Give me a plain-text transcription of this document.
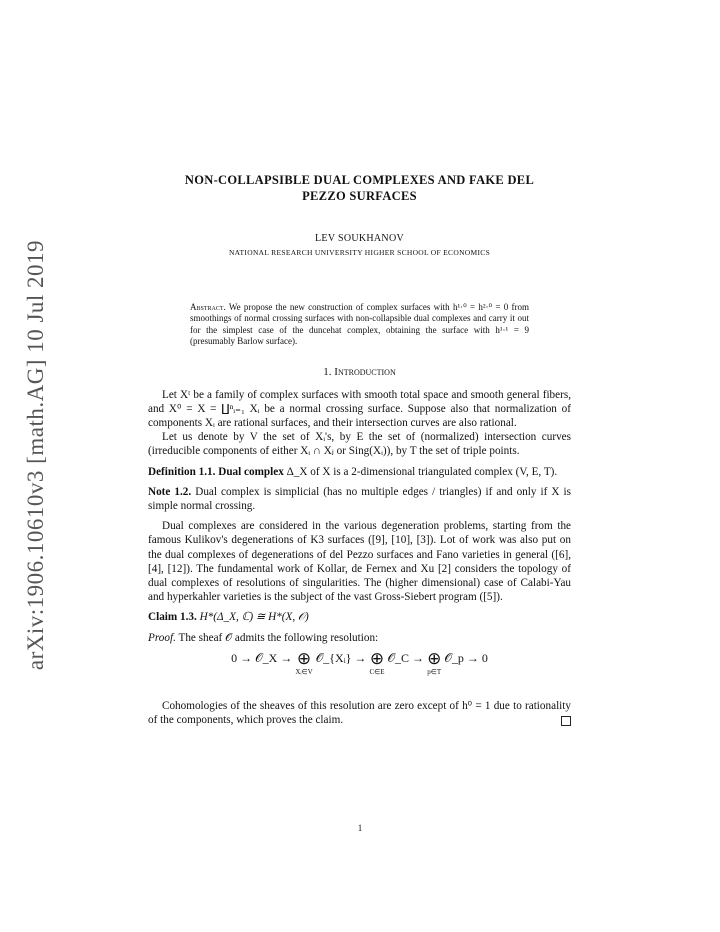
arXiv:1906.10610v3 [math.AG] 10 Jul 2019
NON-COLLAPSIBLE DUAL COMPLEXES AND FAKE DEL
PEZZO SURFACES
LEV SOUKHANOV
NATIONAL RESEARCH UNIVERSITY HIGHER SCHOOL OF ECONOMICS
Abstract. We propose the new construction of complex surfaces with h¹·⁰ = h²·⁰ = 0 from smoothings of normal crossing surfaces with non-collapsible dual complexes and carry it out for the simplest case of the duncehat complex, obtaining the surface with h¹·¹ = 9 (presumably Barlow surface).
1. Introduction

Let Xᵗ be a family of complex surfaces with smooth total space and smooth general fibers, and X⁰ = X = ∐ⁿᵢ₌₁ Xᵢ be a normal crossing surface. Suppose also that normalization of components Xᵢ are rational surfaces, and their intersection curves are also rational.

Let us denote by V the set of Xᵢ's, by E the set of (normalized) intersection curves (irreducible components of either Xᵢ ∩ Xⱼ or Sing(Xᵢ)), by T the set of triple points.

Definition 1.1. Dual complex Δ_X of X is a 2-dimensional triangulated complex (V, E, T).

Note 1.2. Dual complex is simplicial (has no multiple edges / triangles) if and only if X is simple normal crossing.

Dual complexes are considered in the various degeneration problems, starting from the famous Kulikov's degenerations of K3 surfaces ([9], [10], [3]). Lot of work was also put on the dual complexes of degenerations of del Pezzo surfaces and Fano varieties in general ([6], [4], [12]). The fundamental work of Kollar, de Fernex and Xu [2] considers the topology of dual complexes of resolutions of singularities. The (higher dimensional) case of Calabi-Yau and hyperkahler varieties is the subject of the vast Gross-Siebert program ([5]).

Claim 1.3. H*(Δ_X, ℂ) ≅ H*(X, 𝒪)

Proof. The sheaf 𝒪 admits the following resolution:

0 → 𝒪_X → ⊕
Xᵢ∈V
𝒪_{Xᵢ} → ⊕
C∈E
𝒪_C → ⊕
p∈T
𝒪_p → 0

Cohomologies of the sheaves of this resolution are zero except of h⁰ = 1 due to rationality of the components, which proves the claim.

1
